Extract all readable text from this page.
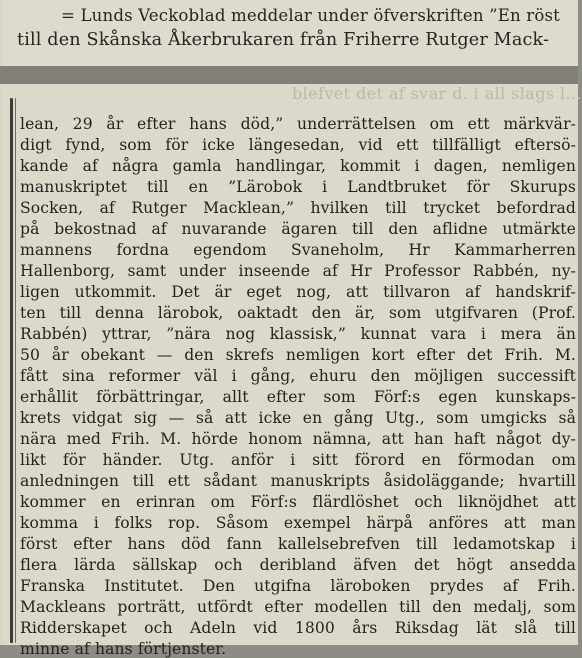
= Lunds Veckoblad meddelar under öfverskriften ”En röst
till den Skånska Åkerbrukaren från Friherre Rutger Mack-
blefvet det af svar d. i all slags l...
lean, 29 år efter hans död,” underrättelsen om ett märkvär-
digt fynd, som för icke längesedan, vid ett tillfälligt eftersö-
kande af några gamla handlingar, kommit i dagen, nemligen
manuskriptet till en ”Lärobok i Landtbruket för Skurups
Socken, af Rutger Macklean,” hvilken till trycket befordrad
på bekostnad af nuvarande ägaren till den aflidne utmärkte
mannens fordna egendom Svaneholm, Hr Kammarherren
Hallenborg, samt under inseende af Hr Professor Rabbén, ny-
ligen utkommit. Det är eget nog, att tillvaron af handskrif-
ten till denna lärobok, oaktadt den är, som utgifvaren (Prof.
Rabbén) yttrar, ”nära nog klassisk,” kunnat vara i mera än
50 år obekant — den skrefs nemligen kort efter det Frih. M.
fått sina reformer väl i gång, ehuru den möjligen successift
erhållit förbättringar, allt efter som Förf:s egen kunskaps-
krets vidgat sig — så att icke en gång Utg., som umgicks så
nära med Frih. M. hörde honom nämna, att han haft något dy-
likt för händer. Utg. anför i sitt förord en förmodan om
anledningen till ett sådant manuskripts åsidoläggande; hvartill
kommer en erinran om Förf:s flärdlöshet och liknöjdhet att
komma i folks rop. Såsom exempel härpå anföres att man
först efter hans död fann kallelsebrefven till ledamotskap i
flera lärda sällskap och deribland äfven det högt ansedda
Franska Institutet. Den utgifna läroboken prydes af Frih.
Mackleans porträtt, utfördt efter modellen till den medalj, som
Ridderskapet och Adeln vid 1800 års Riksdag lät slå till
minne af hans förtjenster.
